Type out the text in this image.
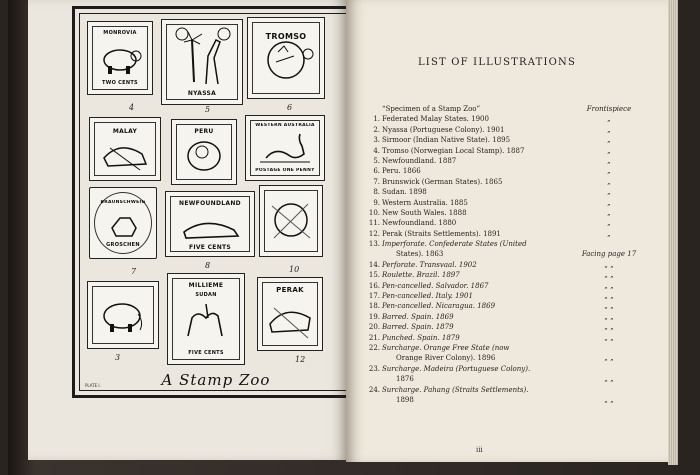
MONROVIA
TWO CENTS
NYASSA
TROMSO
4	5	6
MALAY	PERU
WESTERN AUSTRALIA
POSTAGE ONE PENNY
BRAUNSCHWEIG
GROSCHEN
NEWFOUNDLAND
FIVE CENTS
7
8	10
MILLIEME
SUDAN
FIVE CENTS
PERAK
3	12
A Stamp Zoo
PLATE I.
LIST OF ILLUSTRATIONS
“Specimen of a Stamp Zoo”	Frontispiece
1. Federated Malay States. 1900	„
2. Nyassa (Portuguese Colony). 1901	„
3. Sirmoor (Indian Native State). 1895	„
4. Tromso (Norwegian Local Stamp). 1887	„
5. Newfoundland. 1887	„
6. Peru. 1866	„
7. Brunswick (German States). 1865	„
8. Sudan. 1898	„
9. Western Australia. 1885	„
10. New South Wales. 1888	„
11. Newfoundland. 1880	„
12. Perak (Straits Settlements). 1891	„
13. Imperforate. Confederate States (United
States). 1863	Facing page 17
14. Perforate. Transvaal. 1902	„ „
15. Roulette. Brazil. 1897	„ „
16. Pen-cancelled. Salvador. 1867	„ „
17. Pen-cancelled. Italy. 1901	„ „
18. Pen-cancelled. Nicaragua. 1869	„ „
19. Barred. Spain. 1869	„ „
20. Barred. Spain. 1879	„ „
21. Punched. Spain. 1879	„ „
22. Surcharge. Orange Free State (now
Orange River Colony). 1896	„ „
23. Surcharge. Madeira (Portuguese Colony).
1876	„ „
24. Surcharge. Pahang (Straits Settlements).
1898	„ „
iii
